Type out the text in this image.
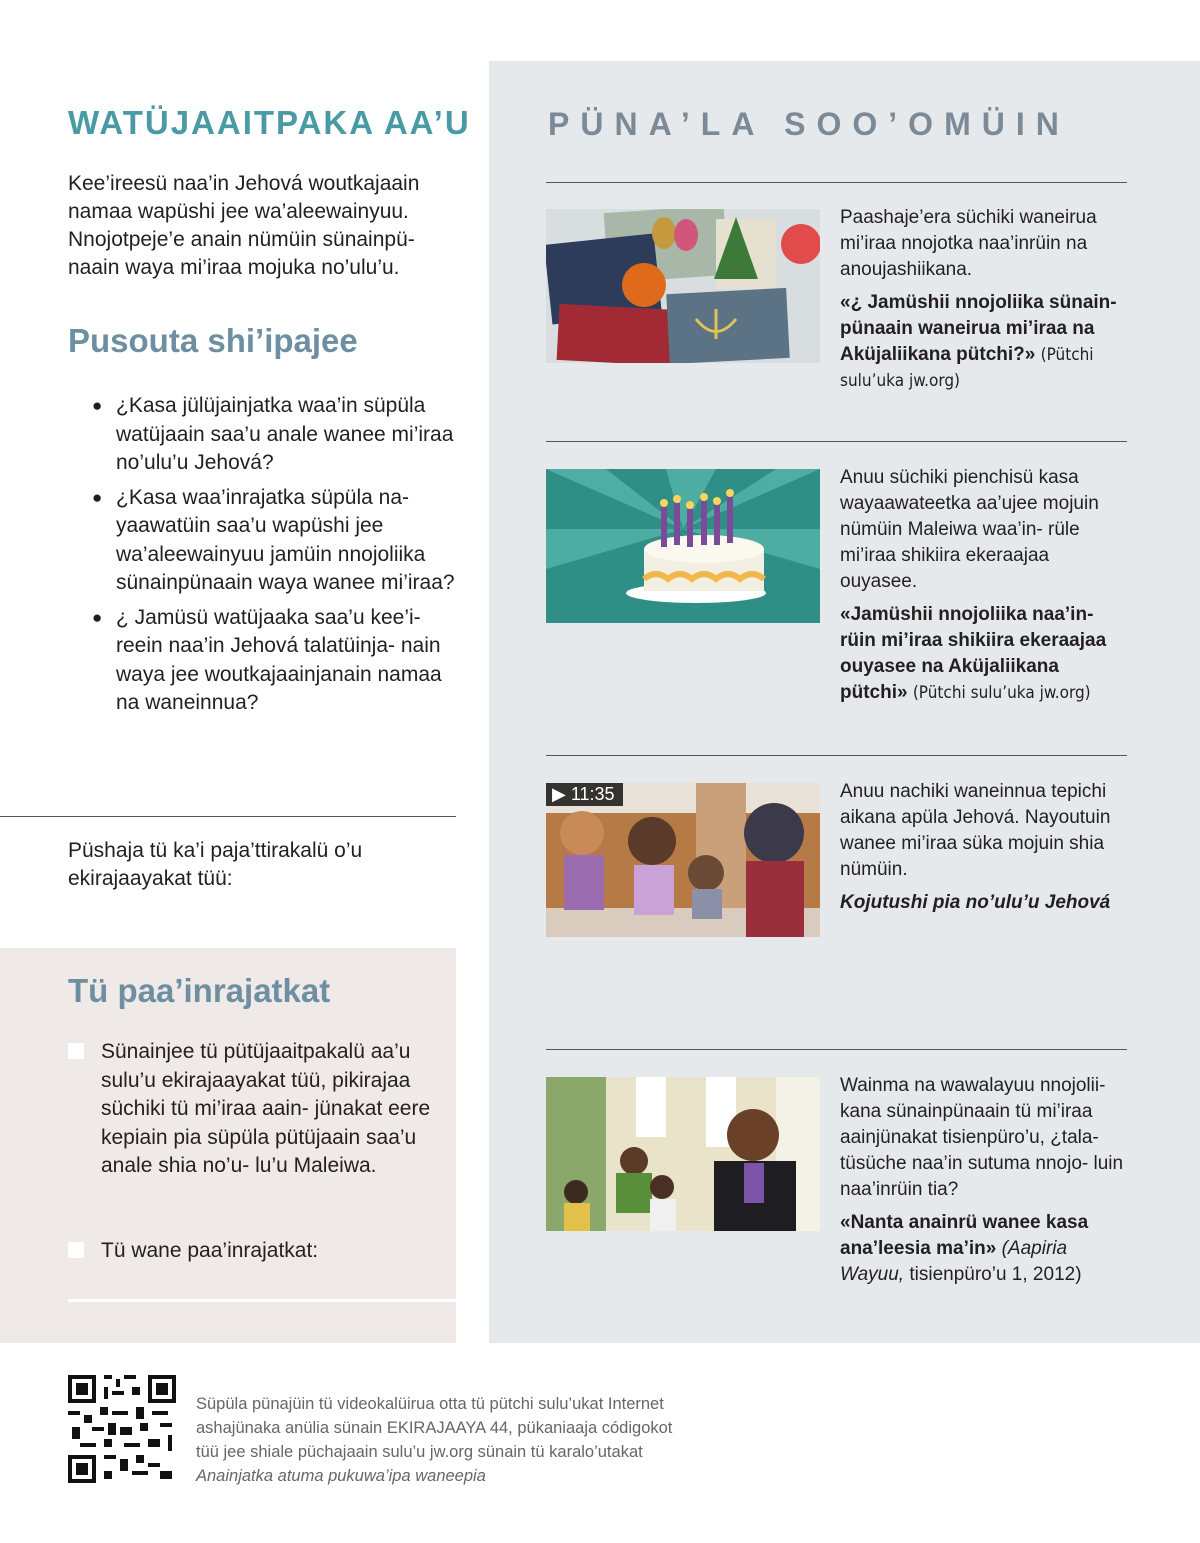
WATÜJAAITPAKA AA’U

Kee’ireesü naa’in Jehová woutkajaain namaa wapüshi jee wa’aleewainyuu. Nnojotpeje’e anain nümüin sünainpü- naain waya mi’iraa mojuka no’ulu’u.

Pusouta shi’ipajee
● ¿Kasa jülüjainjatka waa’in süpüla watüjaain saa’u anale wanee mi’iraa no’ulu’u Jehová?
● ¿Kasa waa’inrajatka süpüla na- yaawatüin saa’u wapüshi jee wa’aleewainyuu jamüin nnojoliika sünainpünaain waya wanee mi’iraa?
● ¿ Jamüsü watüjaaka saa’u kee’i- reein naa’in Jehová talatüinja- nain waya jee woutkajaainjanain namaa na waneinnua?

Püshaja tü ka’i paja’ttirakalü o’u ekirajaayakat tüü:

Tü paa’inrajatkat
Sünainjee tü pütüjaaitpakalü aa’u sulu’u ekirajaayakat tüü, pikirajaa süchiki tü mi’iraa aain- jünakat eere kepiain pia süpüla pütüjaain saa’u anale shia no’u- lu’u Maleiwa.
Tü wane paa’inrajatkat:
PÜNA’LA SOO’OMÜIN
Paashaje’era süchiki waneirua mi’iraa nnojotka naa’inrüin na anoujashiikana.
«¿ Jamüshii nnojoliika sünain- pünaain waneirua mi’iraa na Aküjaliikana pütchi?» (Pütchi sulu’uka jw.org)
Anuu süchiki pienchisü kasa wayaawateetka aa’ujee mojuin nümüin Maleiwa waa’in- rüle mi’iraa shikiira ekeraajaa ouyasee.
«Jamüshii nnojoliika naa’in- rüin mi’iraa shikiira ekeraajaa ouyasee na Aküjaliikana pütchi» (Pütchi sulu’uka jw.org)
▶ 11:35	Anuu nachiki waneinnua tepichi aikana apüla Jehová. Nayoutuin wanee mi’iraa süka mojuin shia nümüin.
Kojutushi pia no’ulu’u Jehová
Wainma na wawalayuu nnojolii- kana sünainpünaain tü mi’iraa aainjünakat tisienpüro’u, ¿tala- tüsüche naa’in sutuma nnojo- luin naa’inrüin tia?
«Nanta anainrü wanee kasa ana’leesia ma’in» (Aapiria Wayuu, tisienpüro’u 1, 2012)
Süpüla pünajüin tü videokalüirua otta tü pütchi sulu’ukat Internet
ashajünaka anülia sünain EKIRAJAAYA 44, pükaniaaja códigokot
tüü jee shiale püchajaain sulu’u jw.org sünain tü karalo’utakat
Anainjatka atuma pukuwa’ipa waneepia
